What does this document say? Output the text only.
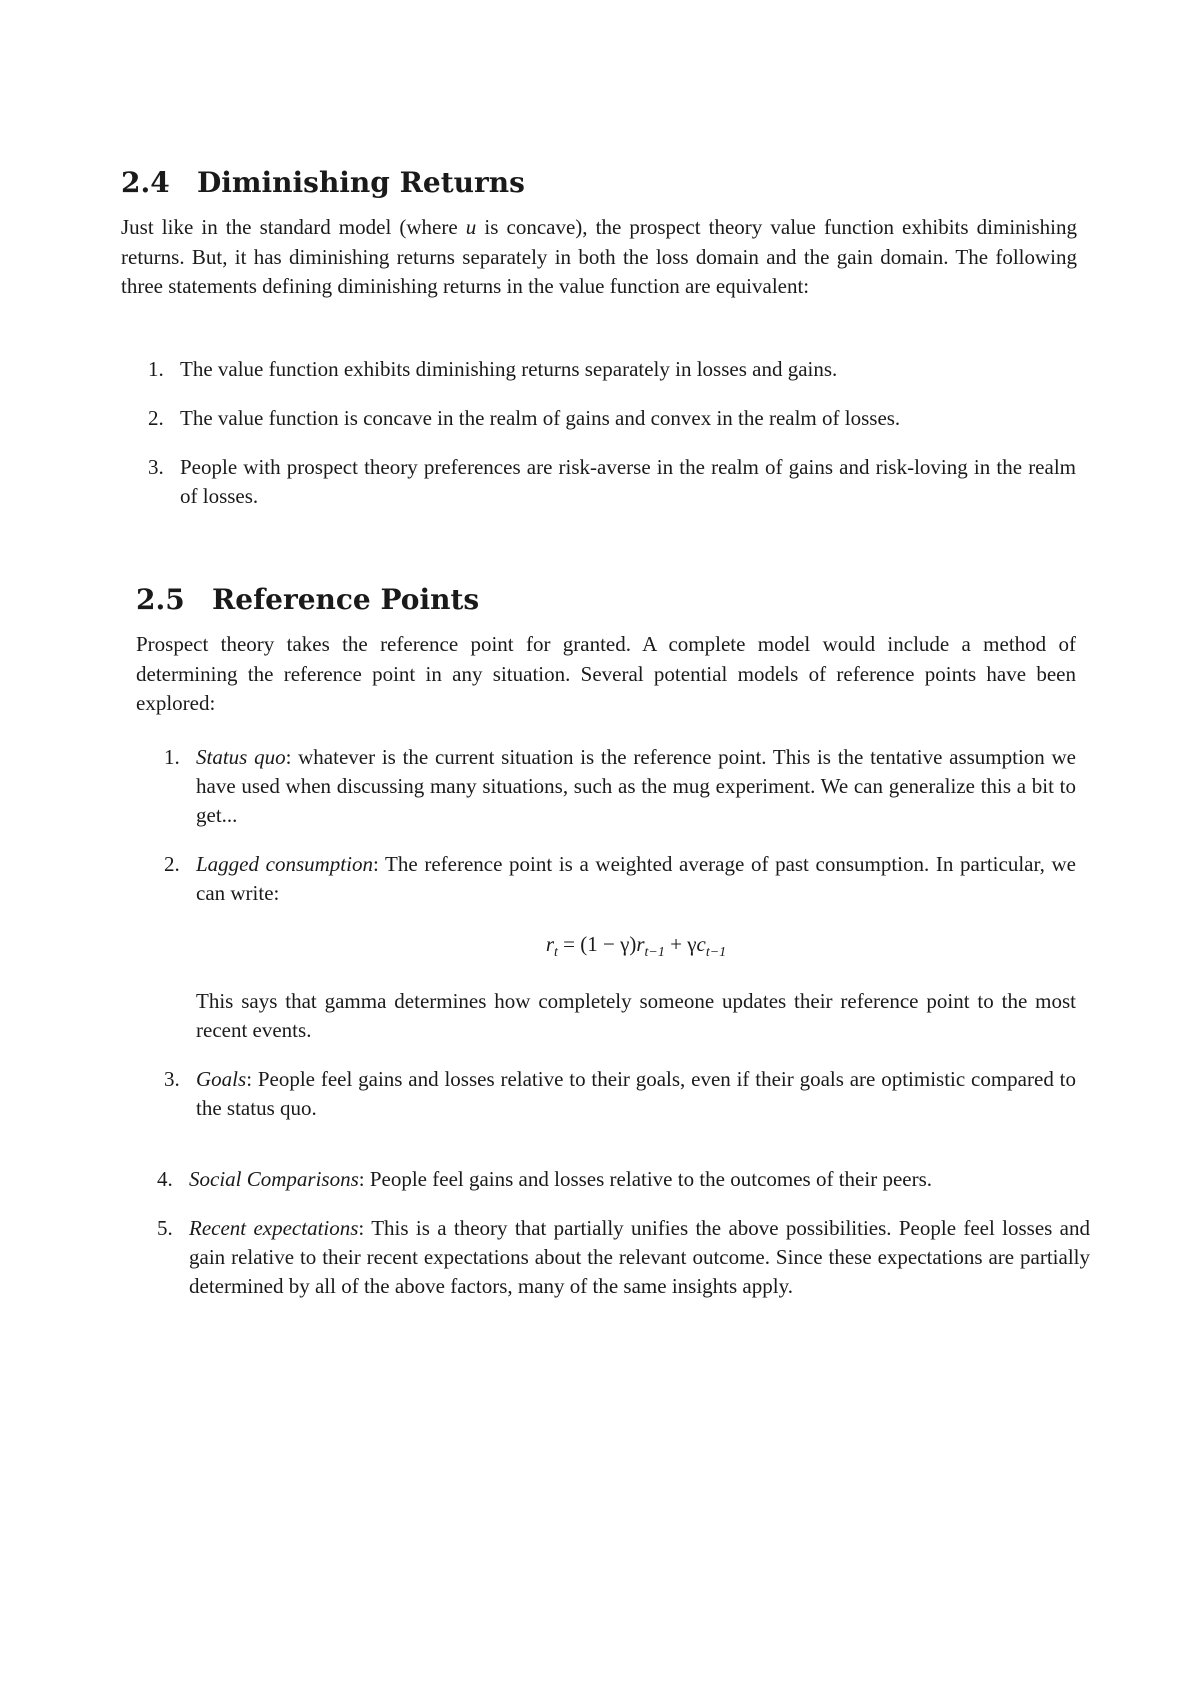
2.4 Diminishing Returns

Just like in the standard model (where u is concave), the prospect theory value function exhibits diminishing returns. But, it has diminishing returns separately in both the loss domain and the gain domain. The following three statements defining diminishing returns in the value function are equivalent:

1. The value function exhibits diminishing returns separately in losses and gains.
2. The value function is concave in the realm of gains and convex in the realm of losses.
3. People with prospect theory preferences are risk-averse in the realm of gains and risk-loving in the realm of losses.
2.5 Reference Points

Prospect theory takes the reference point for granted. A complete model would include a method of determining the reference point in any situation. Several potential models of reference points have been explored:

1. Status quo: whatever is the current situation is the reference point. This is the tentative assumption we have used when discussing many situations, such as the mug experiment. We can generalize this a bit to get...
2. Lagged consumption: The reference point is a weighted average of past consumption. In particular, we can write:
$r_t = (1 - \gamma)r_{t-1} + \gamma c_{t-1}$
This says that gamma determines how completely someone updates their reference point to the most recent events.
3. Goals: People feel gains and losses relative to their goals, even if their goals are optimistic compared to the status quo.
4. Social Comparisons: People feel gains and losses relative to the outcomes of their peers.
5. Recent expectations: This is a theory that partially unifies the above possibilities. People feel losses and gain relative to their recent expectations about the relevant outcome. Since these expectations are partially determined by all of the above factors, many of the same insights apply.
